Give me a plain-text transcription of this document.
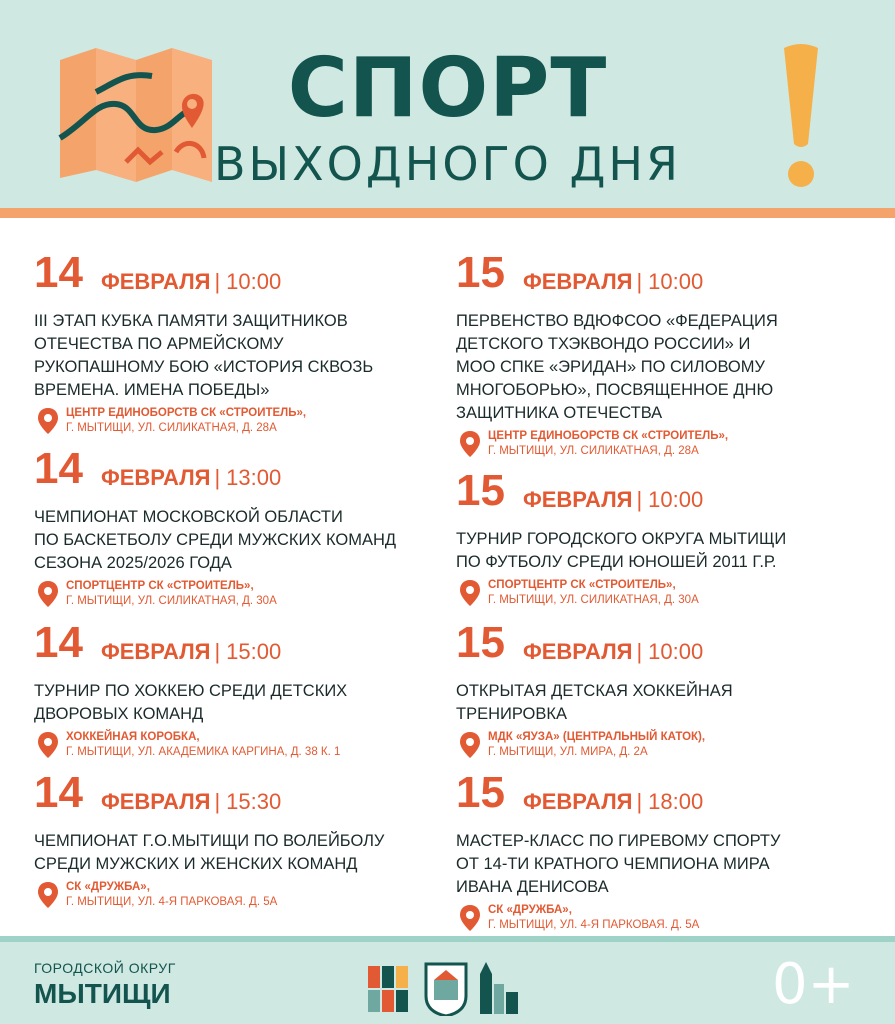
СПОРТ
ВЫХОДНОГО ДНЯ
14 ФЕВРАЛЯ | 10:00
III ЭТАП КУБКА ПАМЯТИ ЗАЩИТНИКОВ
ОТЕЧЕСТВА ПО АРМЕЙСКОМУ
РУКОПАШНОМУ БОЮ «ИСТОРИЯ СКВОЗЬ
ВРЕМЕНА. ИМЕНА ПОБЕДЫ»
ЦЕНТР ЕДИНОБОРСТВ СК «СТРОИТЕЛЬ»,
Г. МЫТИЩИ, УЛ. СИЛИКАТНАЯ, Д. 28А
14 ФЕВРАЛЯ | 13:00
ЧЕМПИОНАТ МОСКОВСКОЙ ОБЛАСТИ
ПО БАСКЕТБОЛУ СРЕДИ МУЖСКИХ КОМАНД
СЕЗОНА 2025/2026 ГОДА
СПОРТЦЕНТР СК «СТРОИТЕЛЬ»,
Г. МЫТИЩИ, УЛ. СИЛИКАТНАЯ, Д. 30А
14 ФЕВРАЛЯ | 15:00
ТУРНИР ПО ХОККЕЮ СРЕДИ ДЕТСКИХ
ДВОРОВЫХ КОМАНД
ХОККЕЙНАЯ КОРОБКА,
Г. МЫТИЩИ, УЛ. АКАДЕМИКА КАРГИНА, Д. 38 К. 1
14 ФЕВРАЛЯ | 15:30
ЧЕМПИОНАТ Г.О.МЫТИЩИ ПО ВОЛЕЙБОЛУ
СРЕДИ МУЖСКИХ И ЖЕНСКИХ КОМАНД
СК «ДРУЖБА»,
Г. МЫТИЩИ, УЛ. 4-Я ПАРКОВАЯ. Д. 5А
15 ФЕВРАЛЯ | 10:00
ПЕРВЕНСТВО ВДЮФСОО «ФЕДЕРАЦИЯ
ДЕТСКОГО ТХЭКВОНДО РОССИИ» И
МОО СПКЕ «ЭРИДАН» ПО СИЛОВОМУ
МНОГОБОРЬЮ», ПОСВЯЩЕННОЕ ДНЮ
ЗАЩИТНИКА ОТЕЧЕСТВА
ЦЕНТР ЕДИНОБОРСТВ СК «СТРОИТЕЛЬ»,
Г. МЫТИЩИ, УЛ. СИЛИКАТНАЯ, Д. 28А
15 ФЕВРАЛЯ | 10:00
ТУРНИР ГОРОДСКОГО ОКРУГА МЫТИЩИ
ПО ФУТБОЛУ СРЕДИ ЮНОШЕЙ 2011 Г.Р.
СПОРТЦЕНТР СК «СТРОИТЕЛЬ»,
Г. МЫТИЩИ, УЛ. СИЛИКАТНАЯ, Д. 30А
15 ФЕВРАЛЯ | 10:00
ОТКРЫТАЯ ДЕТСКАЯ ХОККЕЙНАЯ
ТРЕНИРОВКА
МДК «ЯУЗА» (ЦЕНТРАЛЬНЫЙ КАТОК),
Г. МЫТИЩИ, УЛ. МИРА, Д. 2А
15 ФЕВРАЛЯ | 18:00
МАСТЕР-КЛАСС ПО ГИРЕВОМУ СПОРТУ
ОТ 14-ТИ КРАТНОГО ЧЕМПИОНА МИРА
ИВАНА ДЕНИСОВА
СК «ДРУЖБА»,
Г. МЫТИЩИ, УЛ. 4-Я ПАРКОВАЯ. Д. 5А
ГОРОДСКОЙ ОКРУГ
МЫТИЩИ	0+
